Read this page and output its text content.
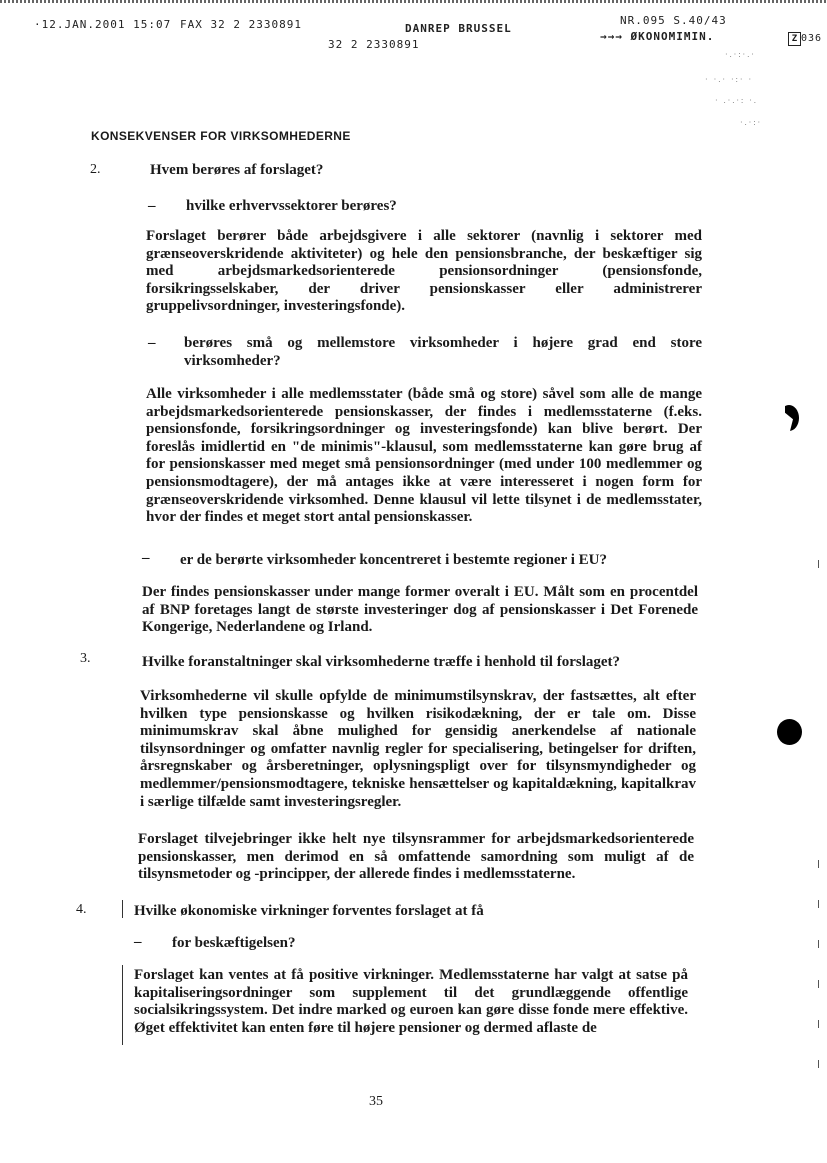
·12.JAN.2001 15:07 FAX 32 2 2330891	DANREP BRUSSEL
32 2 2330891
NR.095 S.40/43
→→→ ØKONOMIMIN.	Z 036
·.·:·.·
· ·.· ·:· ·
· .·.·: ·.
·.·:·
KONSEKVENSER FOR VIRKSOMHEDERNE
2.	Hvem berøres af forslaget?
– hvilke erhvervssektorer berøres?
Forslaget berører både arbejdsgivere i alle sektorer (navnlig i sektorer med grænseoverskridende aktiviteter) og hele den pensionsbranche, der beskæftiger sig med arbejdsmarkedsorienterede pensionsordninger (pensionsfonde, forsikringsselskaber, der driver pensionskasser eller administrerer gruppelivsordninger, investeringsfonde).
– berøres små og mellemstore virksomheder i højere grad end store virksomheder?
Alle virksomheder i alle medlemsstater (både små og store) såvel som alle de mange arbejdsmarkedsorienterede pensionskasser, der findes i medlemsstaterne (f.eks. pensionsfonde, forsikringsordninger og investeringsfonde) kan blive berørt. Der foreslås imidlertid en "de minimis"-klausul, som medlemsstaterne kan gøre brug af for pensionskasser med meget små pensionsordninger (med under 100 medlemmer og pensionsmodtagere), der må antages ikke at være interesseret i nogen form for grænseoverskridende virksomhed. Denne klausul vil lette tilsynet i de medlemsstater, hvor der findes et meget stort antal pensionskasser.
– er de berørte virksomheder koncentreret i bestemte regioner i EU?
Der findes pensionskasser under mange former overalt i EU. Målt som en procentdel af BNP foretages langt de største investeringer dog af pensionskasser i Det Forenede Kongerige, Nederlandene og Irland.
3.	Hvilke foranstaltninger skal virksomhederne træffe i henhold til forslaget?
Virksomhederne vil skulle opfylde de minimumstilsynskrav, der fastsættes, alt efter hvilken type pensionskasse og hvilken risikodækning, der er tale om. Disse minimumskrav skal åbne mulighed for gensidig anerkendelse af nationale tilsynsordninger og omfatter navnlig regler for specialisering, betingelser for driften, årsregnskaber og årsberetninger, oplysningspligt over for tilsynsmyndigheder og medlemmer/pensionsmodtagere, tekniske hensættelser og kapitaldækning, kapitalkrav i særlige tilfælde samt investeringsregler.
Forslaget tilvejebringer ikke helt nye tilsynsrammer for arbejdsmarkedsorienterede pensionskasser, men derimod en så omfattende samordning som muligt af de tilsynsmetoder og -principper, der allerede findes i medlemsstaterne.
4.	Hvilke økonomiske virkninger forventes forslaget at få
– for beskæftigelsen?
Forslaget kan ventes at få positive virkninger. Medlemsstaterne har valgt at satse på kapitaliseringsordninger som supplement til det grundlæggende offentlige socialsikringssystem. Det indre marked og euroen kan gøre disse fonde mere effektive. Øget effektivitet kan enten føre til højere pensioner og dermed aflaste de
35
